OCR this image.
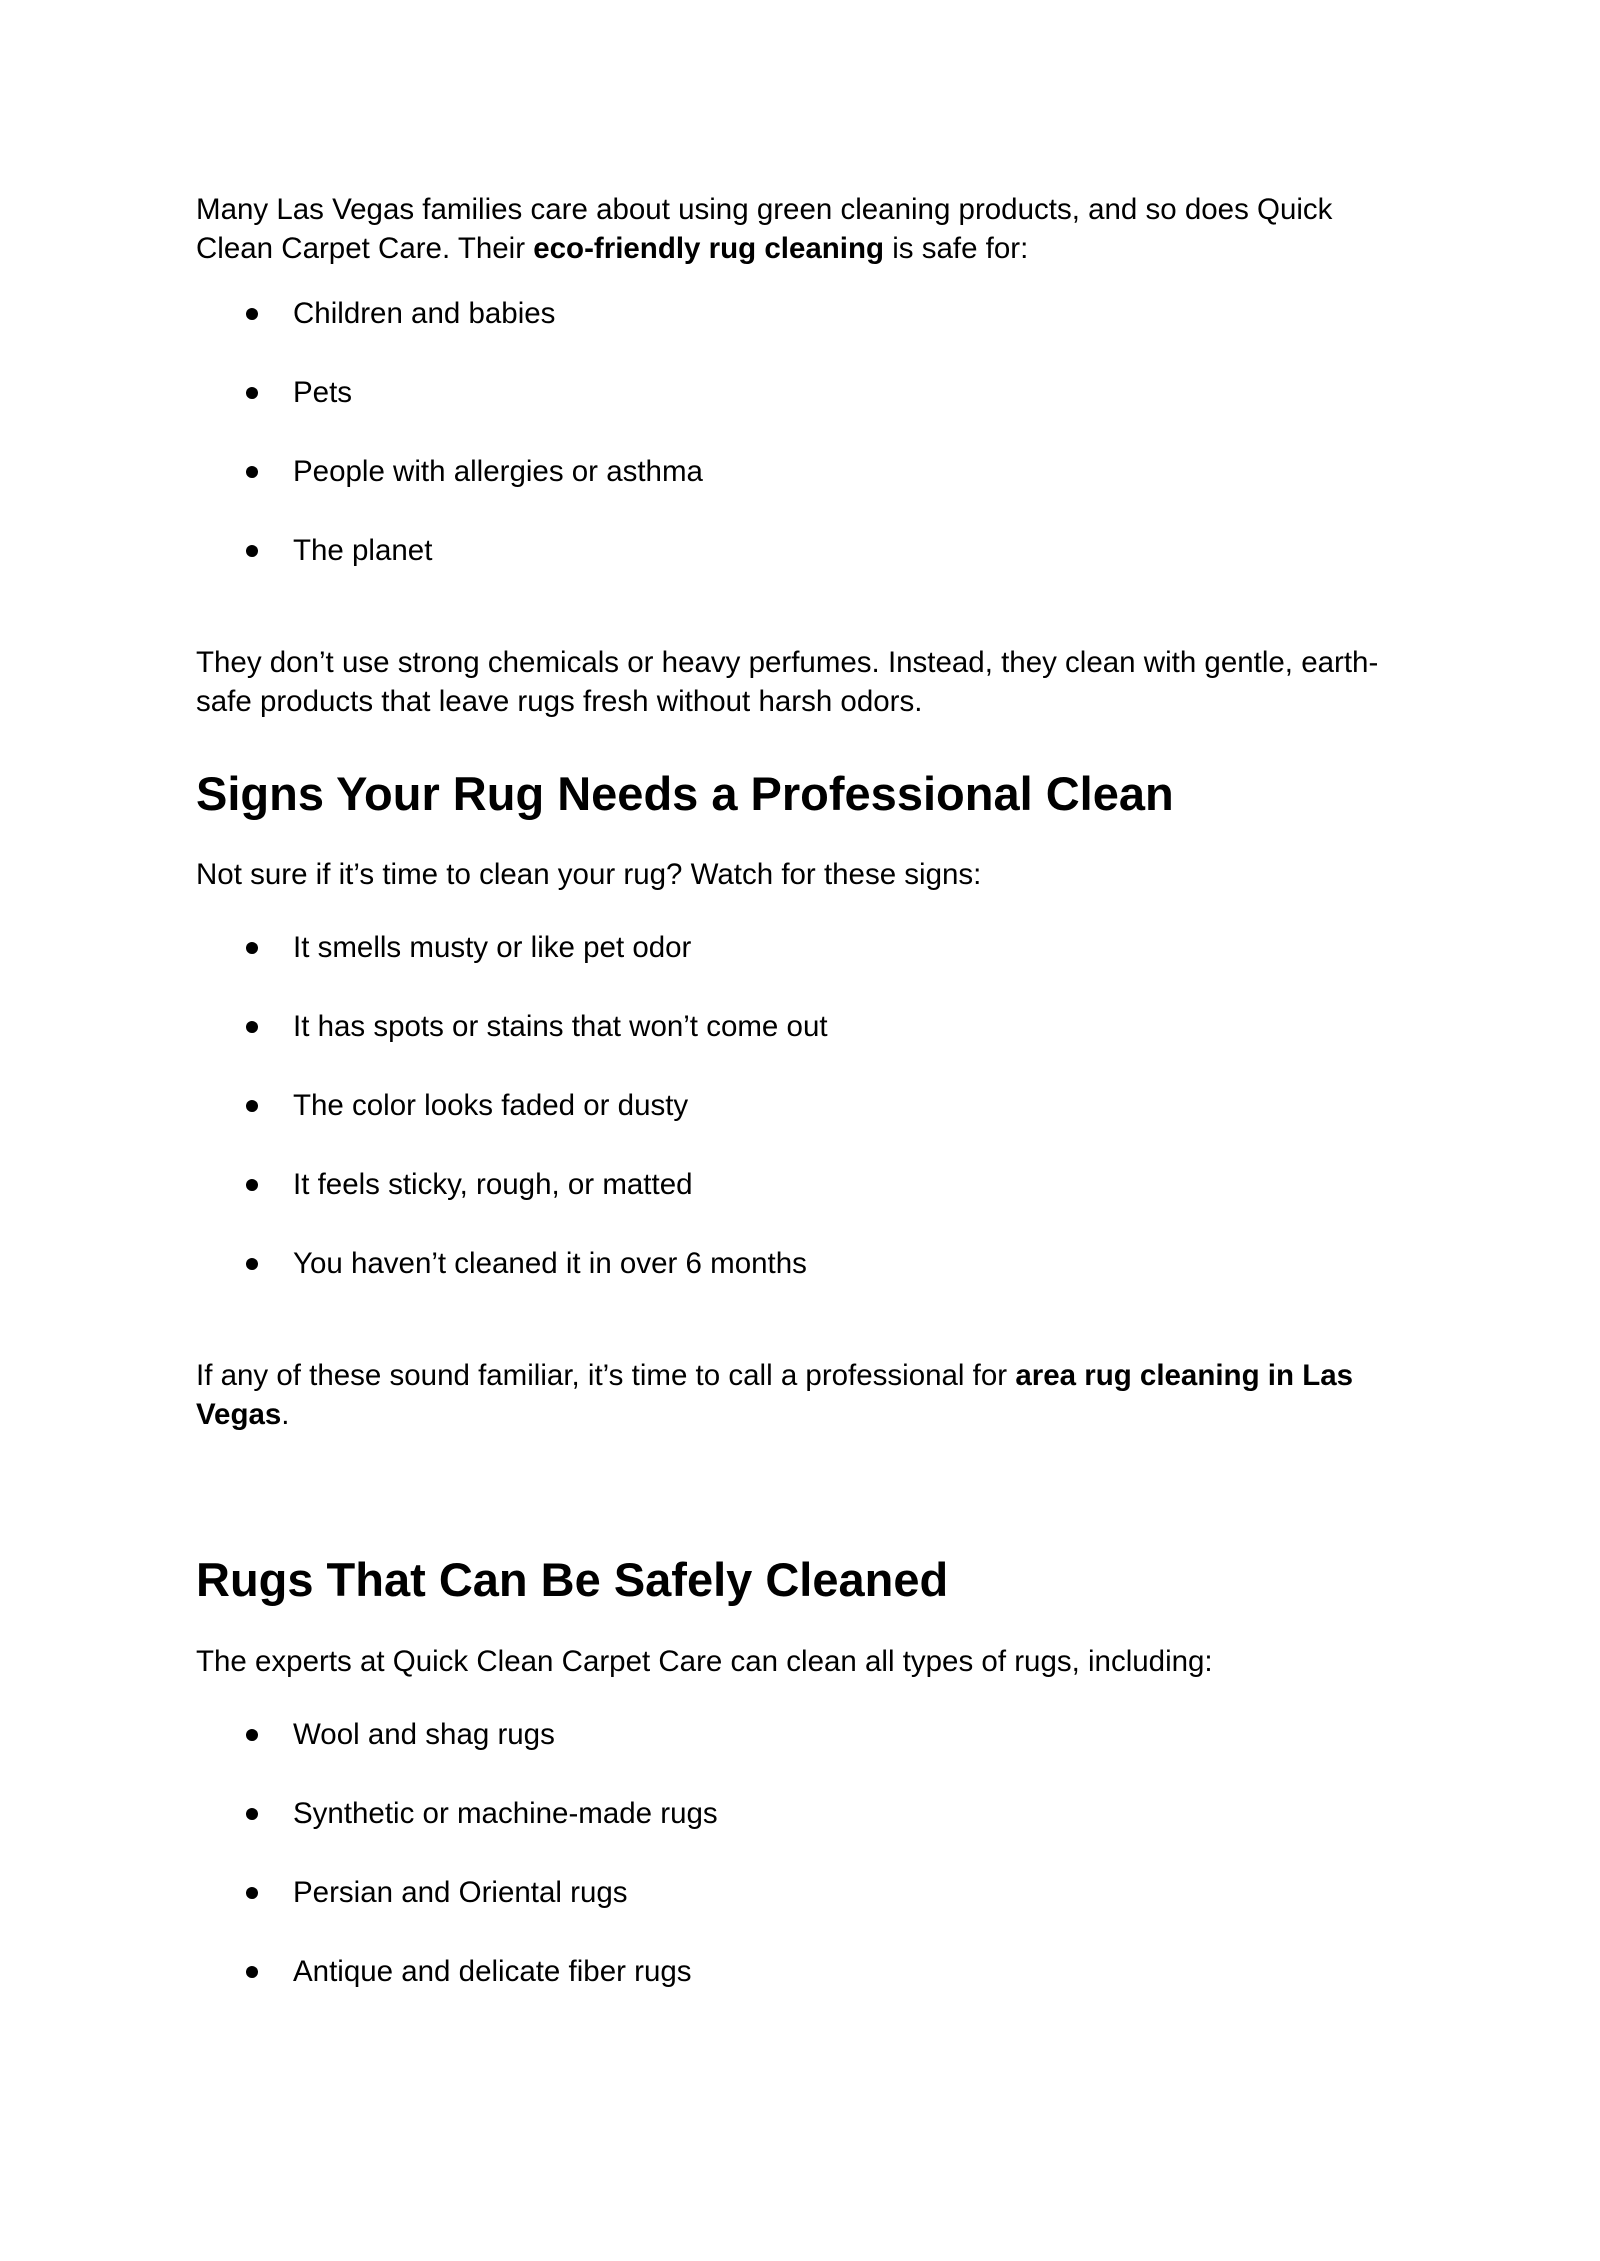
Many Las Vegas families care about using green cleaning products, and so does Quick Clean Carpet Care. Their eco-friendly rug cleaning is safe for:

Children and babies
Pets
People with allergies or asthma
The planet

They don’t use strong chemicals or heavy perfumes. Instead, they clean with gentle, earth-safe products that leave rugs fresh without harsh odors.

Signs Your Rug Needs a Professional Clean

Not sure if it’s time to clean your rug? Watch for these signs:

It smells musty or like pet odor
It has spots or stains that won’t come out
The color looks faded or dusty
It feels sticky, rough, or matted
You haven’t cleaned it in over 6 months

If any of these sound familiar, it’s time to call a professional for area rug cleaning in Las Vegas.

Rugs That Can Be Safely Cleaned

The experts at Quick Clean Carpet Care can clean all types of rugs, including:

Wool and shag rugs
Synthetic or machine-made rugs
Persian and Oriental rugs
Antique and delicate fiber rugs
